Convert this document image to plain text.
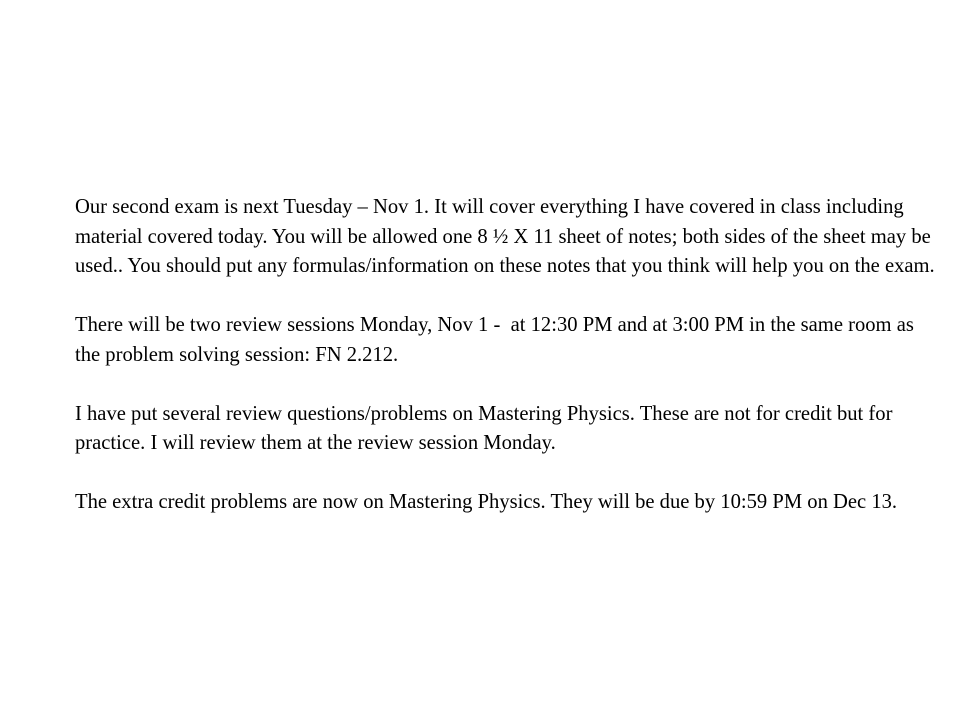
Our second exam is next Tuesday – Nov 1. It will cover everything I have covered in class including material covered today. You will be allowed one 8 ½ X 11 sheet of notes; both sides of the sheet may be used.. You should put any formulas/information on these notes that you think will help you on the exam.

There will be two review sessions Monday, Nov 1 -  at 12:30 PM and at 3:00 PM in the same room as the problem solving session: FN 2.212.

I have put several review questions/problems on Mastering Physics. These are not for credit but for practice. I will review them at the review session Monday.

The extra credit problems are now on Mastering Physics. They will be due by 10:59 PM on Dec 13.
